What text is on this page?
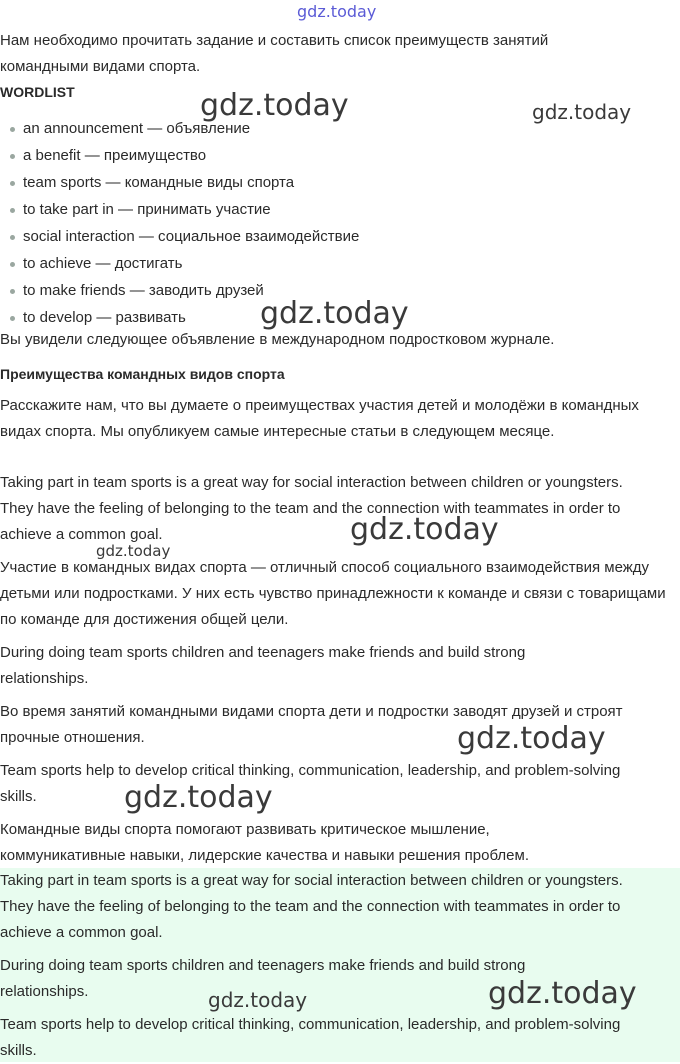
gdz.today
gdz.today	gdz.today
gdz.today
gdz.today
gdz.today
gdz.today
gdz.today
gdz.today	gdz.today

Нам необходимо прочитать задание и составить список преимуществ занятий командными видами спорта.

WORDLIST
an announcement — объявление
a benefit — преимущество
team sports — командные виды спорта
to take part in — принимать участие
social interaction — социальное взаимодействие
to achieve — достигать
to make friends — заводить друзей
to develop — развивать

Вы увидели следующее объявление в международном подростковом журнале.

Преимущества командных видов спорта

Расскажите нам, что вы думаете о преимуществах участия детей и молодёжи в командных видах спорта. Мы опубликуем самые интересные статьи в следующем месяце.

Taking part in team sports is a great way for social interaction between children or youngsters. They have the feeling of belonging to the team and the connection with teammates in order to achieve a common goal.

Участие в командных видах спорта — отличный способ социального взаимодействия между детьми или подростками. У них есть чувство принадлежности к команде и связи с товарищами по команде для достижения общей цели.

During doing team sports children and teenagers make friends and build strong relationships.

Во время занятий командными видами спорта дети и подростки заводят друзей и строят прочные отношения.

Team sports help to develop critical thinking, communication, leadership, and problem-solving skills.

Командные виды спорта помогают развивать критическое мышление, коммуникативные навыки, лидерские качества и навыки решения проблем.

Taking part in team sports is a great way for social interaction between children or youngsters. They have the feeling of belonging to the team and the connection with teammates in order to achieve a common goal.

During doing team sports children and teenagers make friends and build strong relationships.

Team sports help to develop critical thinking, communication, leadership, and problem-solving skills.
